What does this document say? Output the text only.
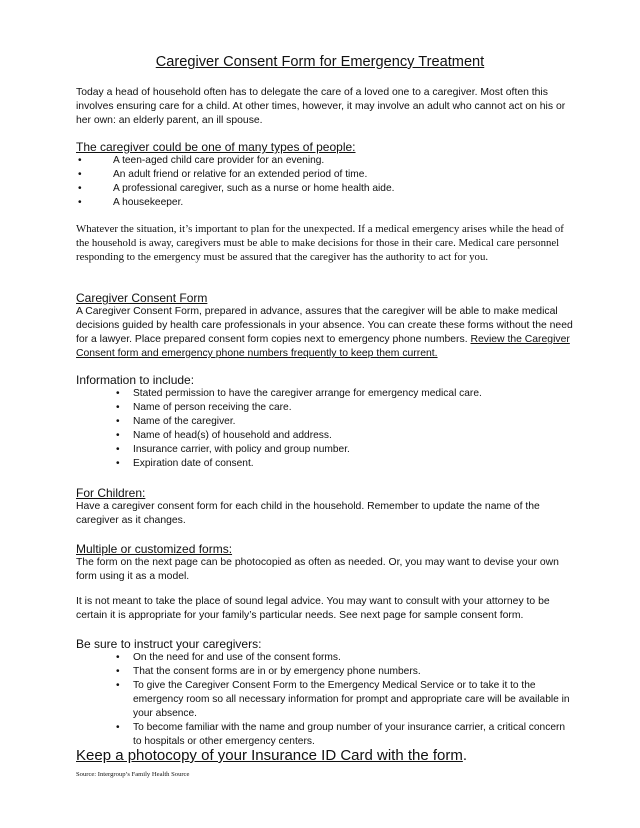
Caregiver Consent Form for Emergency Treatment

Today a head of household often has to delegate the care of a loved one to a caregiver. Most often this involves ensuring care for a child. At other times, however, it may involve an adult who cannot act on his or her own: an elderly parent, an ill spouse.

The caregiver could be one of many types of people:

•	A teen-aged child care provider for an evening.
•	An adult friend or relative for an extended period of time.
•	A professional caregiver, such as a nurse or home health aide.
•	A housekeeper.

Whatever the situation, it’s important to plan for the unexpected. If a medical emergency arises while the head of the household is away, caregivers must be able to make decisions for those in their care. Medical care personnel responding to the emergency must be assured that the caregiver has the authority to act for you.

Caregiver Consent Form

A Caregiver Consent Form, prepared in advance, assures that the caregiver will be able to make medical decisions guided by health care professionals in your absence. You can create these forms without the need for a lawyer. Place prepared consent form copies next to emergency phone numbers. Review the Caregiver Consent form and emergency phone numbers frequently to keep them current.

Information to include:

•	Stated permission to have the caregiver arrange for emergency medical care.
•	Name of person receiving the care.
•	Name of the caregiver.
•	Name of head(s) of household and address.
•	Insurance carrier, with policy and group number.
•	Expiration date of consent.

For Children:

Have a caregiver consent form for each child in the household. Remember to update the name of the caregiver as it changes.

Multiple or customized forms:

The form on the next page can be photocopied as often as needed. Or, you may want to devise your own form using it as a model.

It is not meant to take the place of sound legal advice. You may want to consult with your attorney to be certain it is appropriate for your family’s particular needs. See next page for sample consent form.

Be sure to instruct your caregivers:

•	On the need for and use of the consent forms.
•	That the consent forms are in or by emergency phone numbers.
•	To give the Caregiver Consent Form to the Emergency Medical Service or to take it to the emergency room so all necessary information for prompt and appropriate care will be available in your absence.
•	To become familiar with the name and group number of your insurance carrier, a critical concern to hospitals or other emergency centers.

Keep a photocopy of your Insurance ID Card with the form.

Source: Intergroup’s Family Health Source
